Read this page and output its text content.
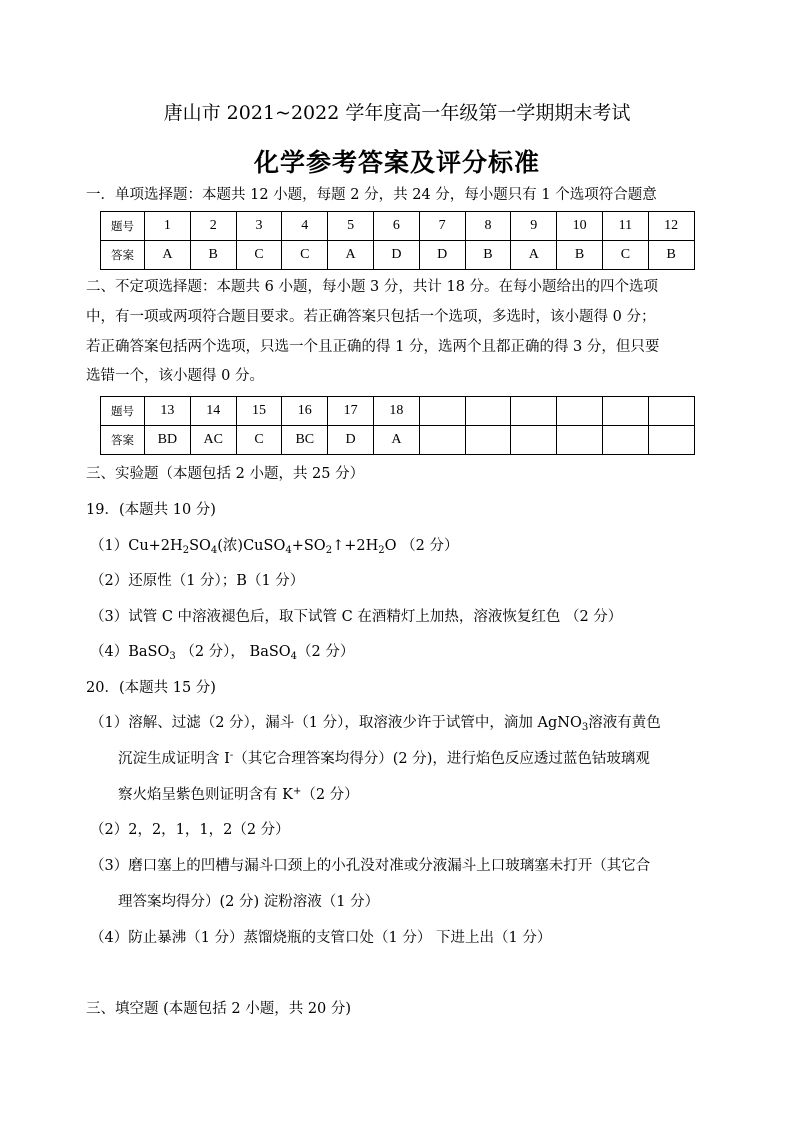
唐山市 2021~2022 学年度高一年级第一学期期末考试
化学参考答案及评分标准
一．单项选择题：本题共 12 小题，每题 2 分，共 24 分，每小题只有 1 个选项符合题意
题号	1	2	3	4	5	6	7	8	9	10	11	12
答案	A	B	C	C	A	D	D	B	A	B	C	B
二、不定项选择题：本题共 6 小题，每小题 3 分，共计 18 分。在每小题给出的四个选项
中，有一项或两项符合题目要求。若正确答案只包括一个选项，多选时，该小题得 0 分；
若正确答案包括两个选项，只选一个且正确的得 1 分，选两个且都正确的得 3 分，但只要
选错一个，该小题得 0 分。
题号	13	14	15	16	17	18						
答案	BD	AC	C	BC	D	A						
三、实验题（本题包括 2 小题，共 25 分）
19．(本题共 10 分)
$(1)Cu+2H_2SO_4$(浓)$CuSO_4+SO_2↑+2H_2O$ （2 分）
（2）还原性（1 分）；B（1 分）
（3）试管 C 中溶液褪色后，取下试管 C 在酒精灯上加热，溶液恢复红色 （2 分）
（4）BaSO$_3$ （2 分）， BaSO$_4$（2 分）
20．(本题共 15 分)
（1）溶解、过滤（2 分），漏斗（1 分），取溶液少许于试管中，滴加 AgNO$_3$溶液有黄色
沉淀生成证明含 I-（其它合理答案均得分）(2 分)，进行焰色反应透过蓝色钴玻璃观
察火焰呈紫色则证明含有 K+（2 分）
（2）2，2，1，1，2（2 分）
（3）磨口塞上的凹槽与漏斗口颈上的小孔没对准或分液漏斗上口玻璃塞未打开（其它合
理答案均得分）(2 分) 淀粉溶液（1 分）
（4）防止暴沸（1 分）蒸馏烧瓶的支管口处（1 分） 下进上出（1 分）
三、填空题 (本题包括 2 小题，共 20 分)
